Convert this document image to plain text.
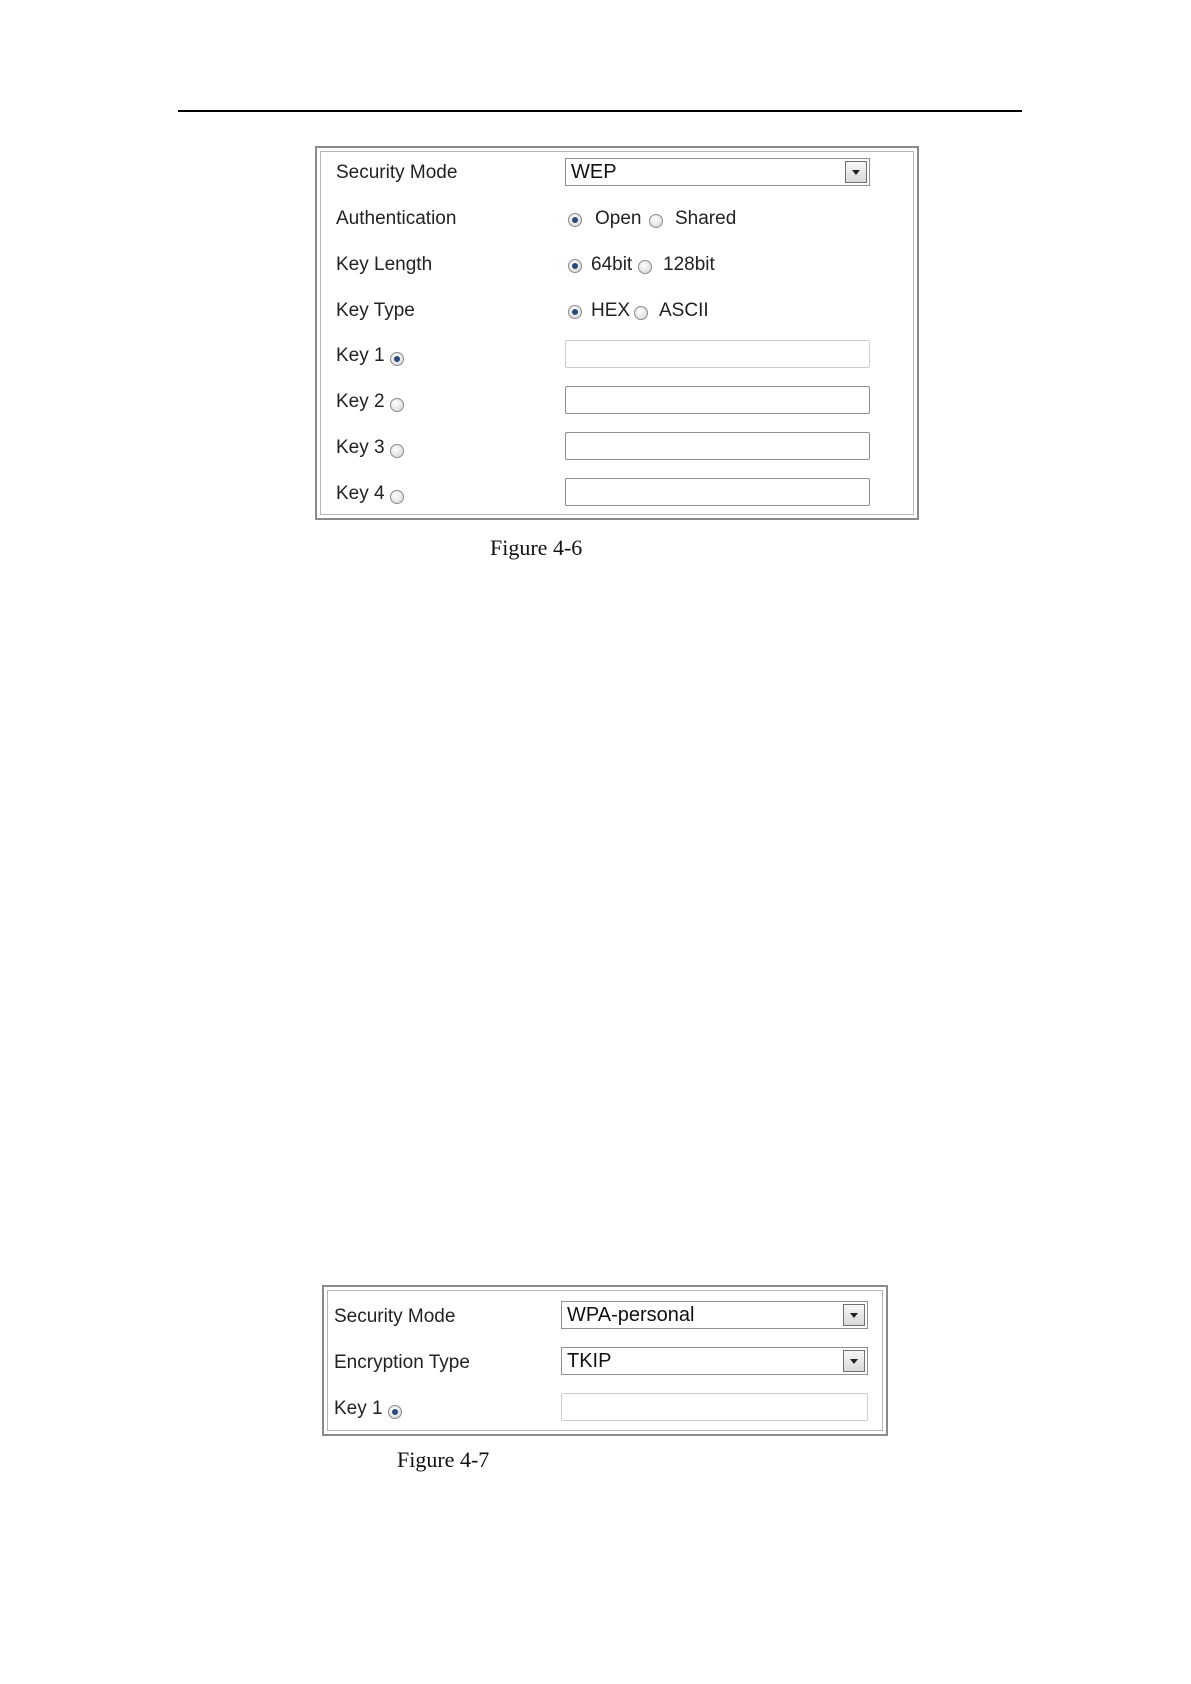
Security Mode	WEP
Authentication	Open Shared
Key Length	64bit 128bit
Key Type	HEX ASCII
Key 1
Key 2
Key 3
Key 4
Figure 4-6
Security Mode	WPA-personal
Encryption Type	TKIP
Key 1
Figure 4-7
